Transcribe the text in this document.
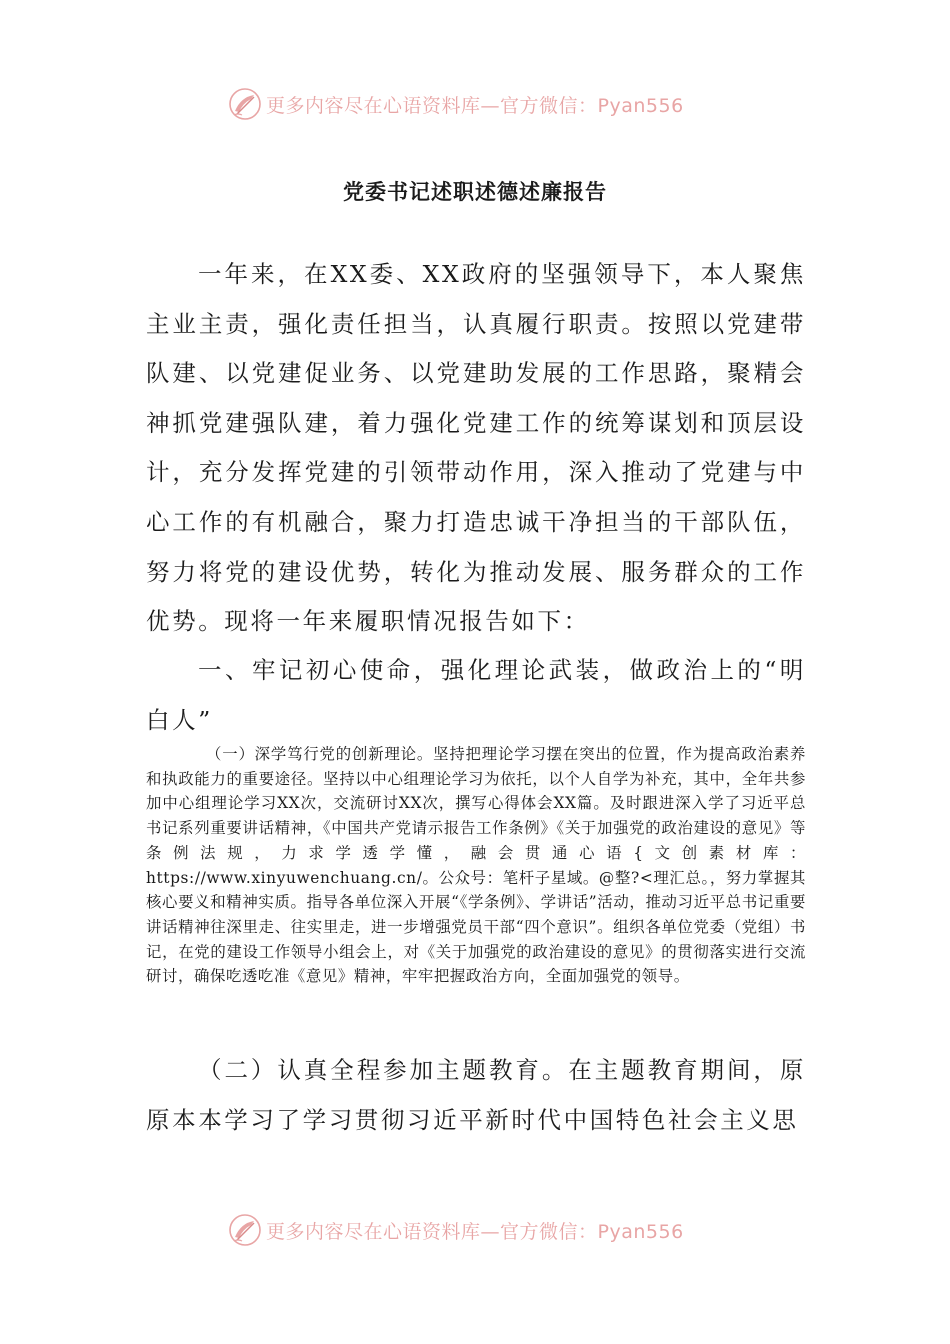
更多内容尽在心语资料库—官方微信：Pyan556
党委书记述职述德述廉报告

一年来，在XX委、XX政府的坚强领导下，本人聚焦主业主责，强化责任担当，认真履行职责。按照以党建带队建、以党建促业务、以党建助发展的工作思路，聚精会神抓党建强队建，着力强化党建工作的统筹谋划和顶层设计，充分发挥党建的引领带动作用，深入推动了党建与中心工作的有机融合，聚力打造忠诚干净担当的干部队伍，努力将党的建设优势，转化为推动发展、服务群众的工作优势。现将一年来履职情况报告如下：

一、牢记初心使命，强化理论武装，做政治上的“明白人”

（一）深学笃行党的创新理论。坚持把理论学习摆在突出的位置，作为提高政治素养和执政能力的重要途径。坚持以中心组理论学习为依托，以个人自学为补充，其中，全年共参加中心组理论学习XX次，交流研讨XX次，撰写心得体会XX篇。及时跟进深入学了习近平总书记系列重要讲话精神，《中国共产党请示报告工作条例》《关于加强党的政治建设的意见》等条例法规，力求学透学懂，融会贯通心语{文创素材库：https://www.xinyuwenchuang.cn/。公众号：笔杆子星域。@整?<理汇总。，努力掌握其核心要义和精神实质。指导各单位深入开展“《学条例》、学讲话”活动，推动习近平总书记重要讲话精神往深里走、往实里走，进一步增强党员干部“四个意识”。组织各单位党委（党组）书记，在党的建设工作领导小组会上，对《关于加强党的政治建设的意见》的贯彻落实进行交流研讨，确保吃透吃准《意见》精神，牢牢把握政治方向，全面加强党的领导。

（二）认真全程参加主题教育。在主题教育期间，原原本本学习了学习贯彻习近平新时代中国特色社会主义思

更多内容尽在心语资料库—官方微信：Pyan556
